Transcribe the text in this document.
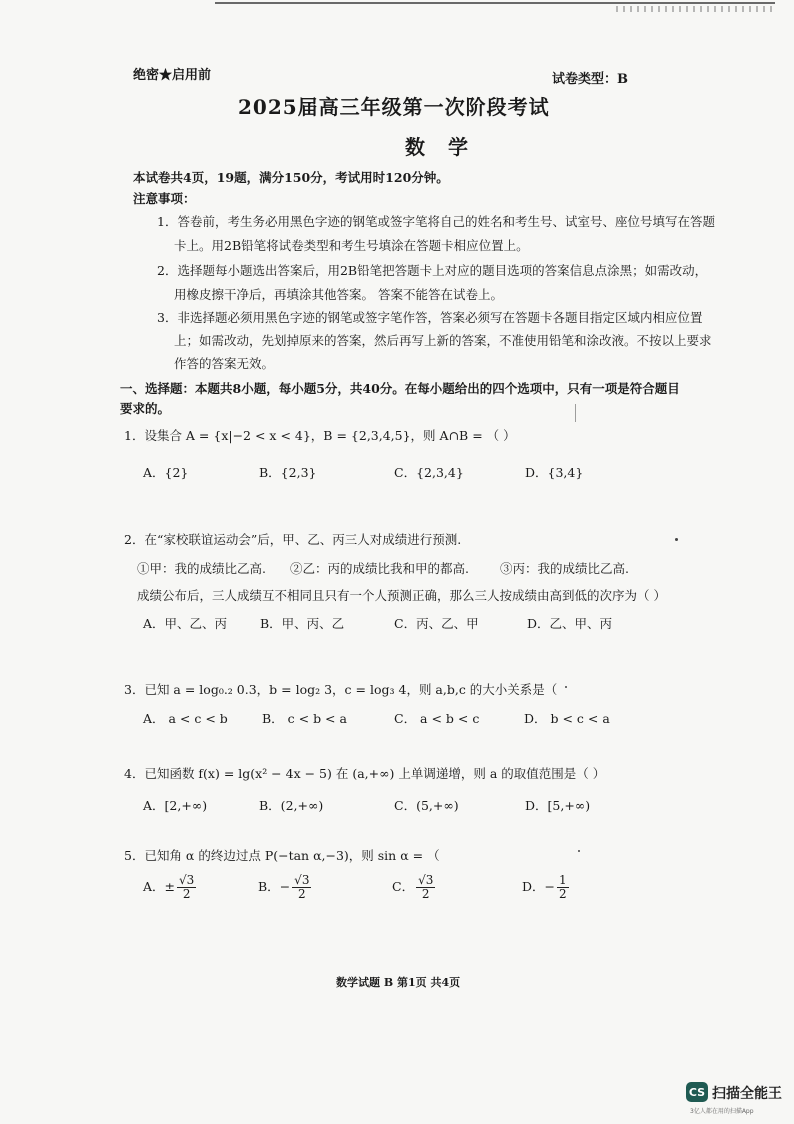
绝密★启用前	试卷类型：B
2025届高三年级第一次阶段考试
数 学
本试卷共4页，19题，满分150分，考试用时120分钟。
注意事项：
1．答卷前，考生务必用黑色字迹的钢笔或签字笔将自己的姓名和考生号、试室号、座位号填写在答题
卡上。用2B铅笔将试卷类型和考生号填涂在答题卡相应位置上。
2．选择题每小题选出答案后，用2B铅笔把答题卡上对应的题目选项的答案信息点涂黑；如需改动，
用橡皮擦干净后，再填涂其他答案。 答案不能答在试卷上。
3．非选择题必须用黑色字迹的钢笔或签字笔作答，答案必须写在答题卡各题目指定区域内相应位置
上；如需改动，先划掉原来的答案，然后再写上新的答案，不准使用铅笔和涂改液。不按以上要求
作答的答案无效。
一、选择题：本题共8小题，每小题5分，共40分。在每小题给出的四个选项中，只有一项是符合题目
要求的。
1．设集合 A = {x|−2 < x < 4}，B = {2,3,4,5}，则 A∩B = （ ）
A．{2}	B．{2,3}	C．{2,3,4}	D．{3,4}
2．在“家校联谊运动会”后，甲、乙、丙三人对成绩进行预测.
①甲：我的成绩比乙高. ②乙：丙的成绩比我和甲的都高. ③丙：我的成绩比乙高.
成绩公布后，三人成绩互不相同且只有一个人预测正确，那么三人按成绩由高到低的次序为（ ）
A．甲、乙、丙	B．甲、丙、乙	C．丙、乙、甲	D．乙、甲、丙
3．已知 a = log₀.₂ 0.3，b = log₂ 3，c = log₃ 4，则 a,b,c 的大小关系是（
A． a < c < b	B． c < b < a	C． a < b < c	D． b < c < a
4．已知函数 f(x) = lg(x² − 4x − 5) 在 (a,+∞) 上单调递增，则 a 的取值范围是（ ）
A．[2,+∞)	B．(2,+∞)	C．(5,+∞)	D．[5,+∞)
5．已知角 α 的终边过点 P(−tan α,−3)，则 sin α = （
A．± $\frac{√3}{2}$	B．− $\frac{√3}{2}$	C． $\frac{√3}{2}$	D．− $\frac{1}{2}$
数学试题 B 第1页 共4页
CS 扫描全能王
3亿人都在用的扫描App
